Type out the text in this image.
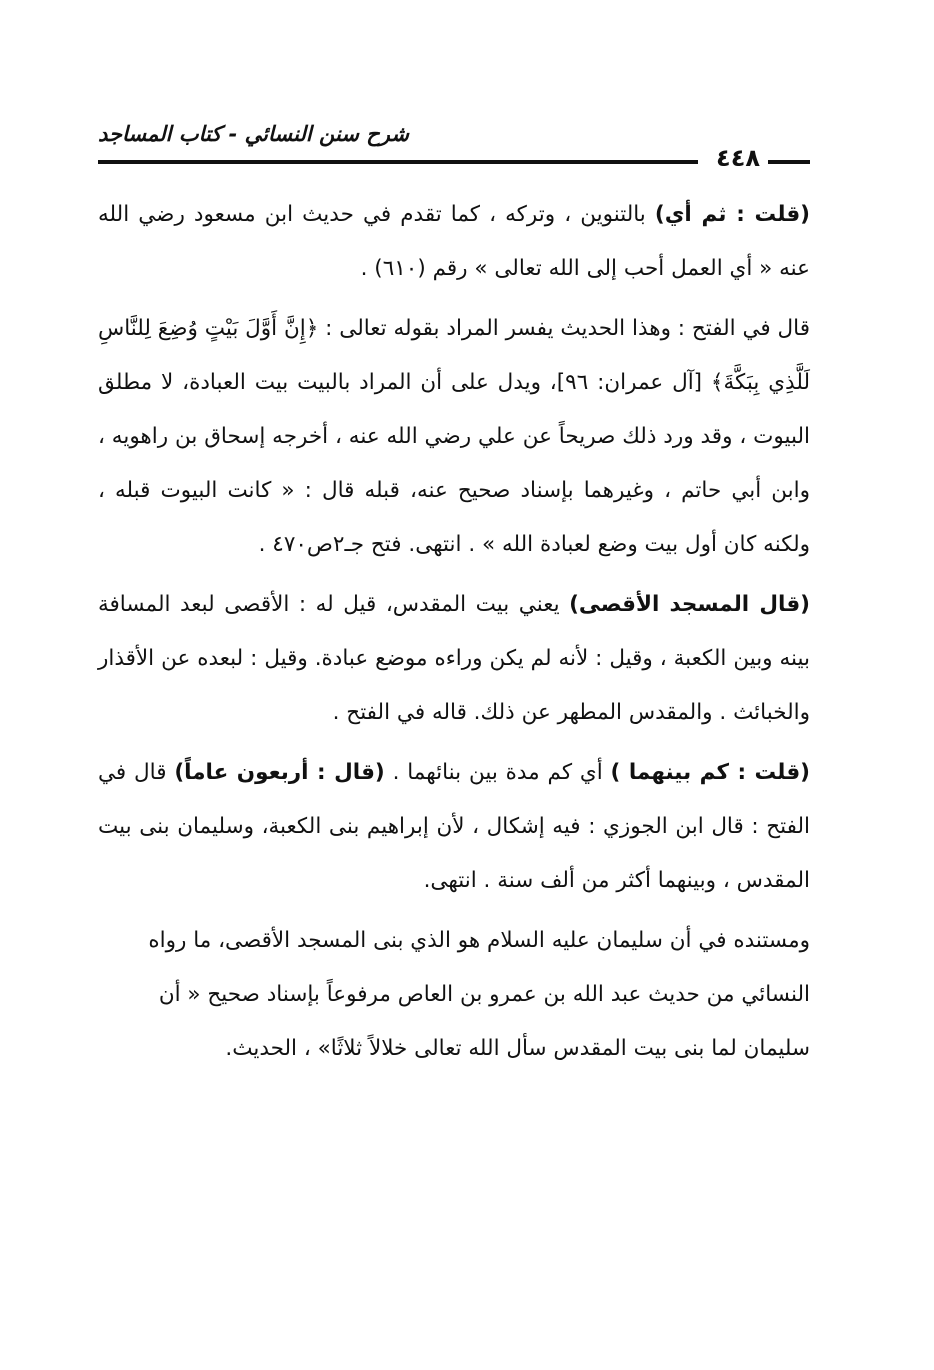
شرح سنن النسائي - كتاب المساجد
٤٤٨

(قلت : ثم أي) بالتنوين ، وتركه ، كما تقدم في حديث ابن مسعود رضي الله عنه « أي العمل أحب إلى الله تعالى » رقم (٦١٠) .

قال في الفتح : وهذا الحديث يفسر المراد بقوله تعالى : ﴿إِنَّ أَوَّلَ بَيْتٍ وُضِعَ لِلنَّاسِ لَلَّذِي بِبَكَّةَ﴾ [آل عمران: ٩٦]، ويدل على أن المراد بالبيت بيت العبادة، لا مطلق البيوت ، وقد ورد ذلك صريحاً عن علي رضي الله عنه ، أخرجه إسحاق بن راهويه ، وابن أبي حاتم ، وغيرهما بإسناد صحيح عنه، قبله قال : « كانت البيوت قبله ، ولكنه كان أول بيت وضع لعبادة الله » . انتهى. فتح جـ٢ص٤٧٠ .

(قال المسجد الأقصى) يعني بيت المقدس، قيل له : الأقصى لبعد المسافة بينه وبين الكعبة ، وقيل : لأنه لم يكن وراءه موضع عبادة. وقيل : لبعده عن الأقذار والخبائث . والمقدس المطهر عن ذلك. قاله في الفتح .

(قلت : كم بينهما ) أي كم مدة بين بنائهما . (قال : أربعون عاماً) قال في الفتح : قال ابن الجوزي : فيه إشكال ، لأن إبراهيم بنى الكعبة، وسليمان بنى بيت المقدس ، وبينهما أكثر من ألف سنة . انتهى.

ومستنده في أن سليمان عليه السلام هو الذي بنى المسجد الأقصى، ما رواه النسائي من حديث عبد الله بن عمرو بن العاص مرفوعاً بإسناد صحيح « أن سليمان لما بنى بيت المقدس سأل الله تعالى خلالاً ثلاثًا» ، الحديث.
